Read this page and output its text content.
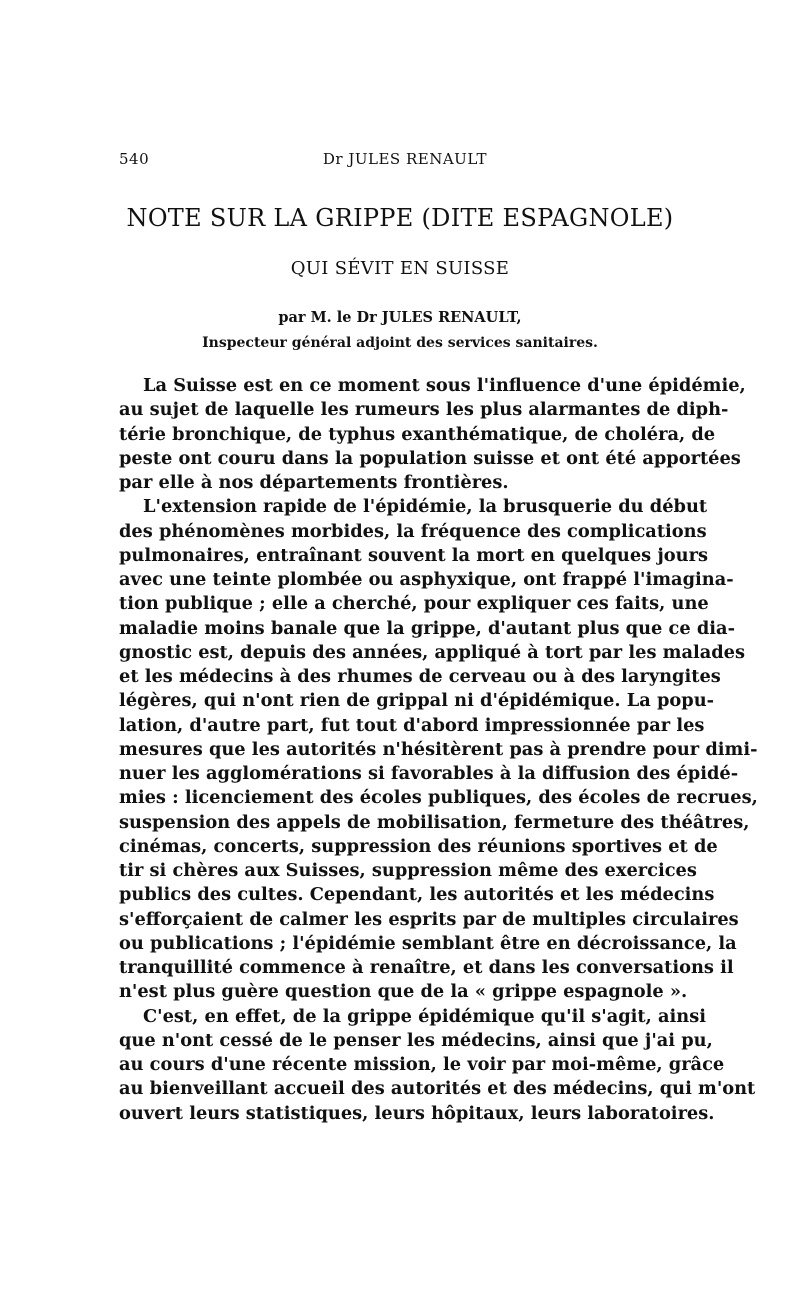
540	Dr JULES RENAULT
NOTE SUR LA GRIPPE (DITE ESPAGNOLE)
QUI SÉVIT EN SUISSE
par M. le Dr JULES RENAULT,
Inspecteur général adjoint des services sanitaires.
La Suisse est en ce moment sous l'influence d'une épidémie,
au sujet de laquelle les rumeurs les plus alarmantes de diph-
térie bronchique, de typhus exanthématique, de choléra, de
peste ont couru dans la population suisse et ont été apportées
par elle à nos départements frontières.
L'extension rapide de l'épidémie, la brusquerie du début
des phénomènes morbides, la fréquence des complications
pulmonaires, entraînant souvent la mort en quelques jours
avec une teinte plombée ou asphyxique, ont frappé l'imagina-
tion publique ; elle a cherché, pour expliquer ces faits, une
maladie moins banale que la grippe, d'autant plus que ce dia-
gnostic est, depuis des années, appliqué à tort par les malades
et les médecins à des rhumes de cerveau ou à des laryngites
légères, qui n'ont rien de grippal ni d'épidémique. La popu-
lation, d'autre part, fut tout d'abord impressionnée par les
mesures que les autorités n'hésitèrent pas à prendre pour dimi-
nuer les agglomérations si favorables à la diffusion des épidé-
mies : licenciement des écoles publiques, des écoles de recrues,
suspension des appels de mobilisation, fermeture des théâtres,
cinémas, concerts, suppression des réunions sportives et de
tir si chères aux Suisses, suppression même des exercices
publics des cultes. Cependant, les autorités et les médecins
s'efforçaient de calmer les esprits par de multiples circulaires
ou publications ; l'épidémie semblant être en décroissance, la
tranquillité commence à renaître, et dans les conversations il
n'est plus guère question que de la « grippe espagnole ».
C'est, en effet, de la grippe épidémique qu'il s'agit, ainsi
que n'ont cessé de le penser les médecins, ainsi que j'ai pu,
au cours d'une récente mission, le voir par moi-même, grâce
au bienveillant accueil des autorités et des médecins, qui m'ont
ouvert leurs statistiques, leurs hôpitaux, leurs laboratoires.
